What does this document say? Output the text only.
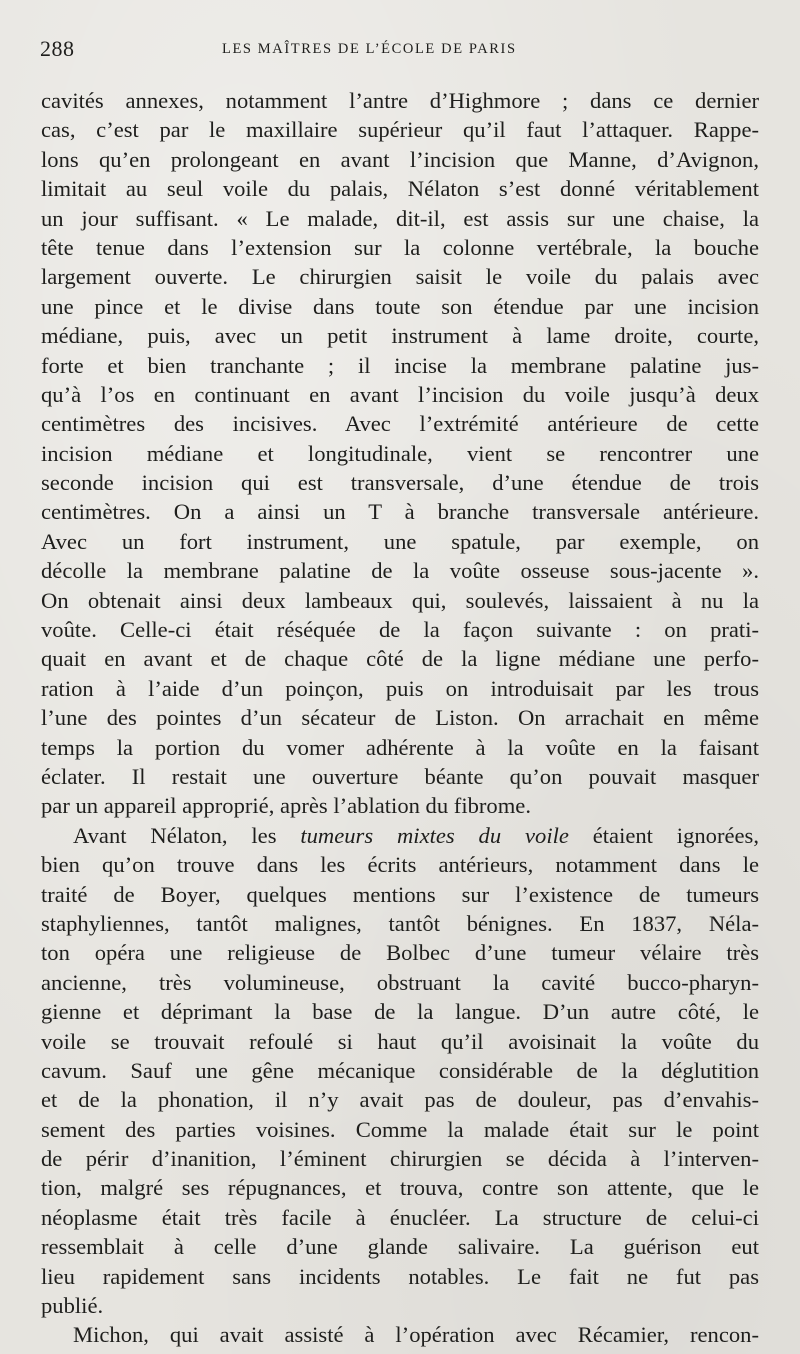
288	LES MAÎTRES DE L’ÉCOLE DE PARIS
cavités annexes, notamment l’antre d’Highmore ; dans ce dernier
cas, c’est par le maxillaire supérieur qu’il faut l’attaquer. Rappe-
lons qu’en prolongeant en avant l’incision que Manne, d’Avignon,
limitait au seul voile du palais, Nélaton s’est donné véritablement
un jour suffisant. « Le malade, dit-il, est assis sur une chaise, la
tête tenue dans l’extension sur la colonne vertébrale, la bouche
largement ouverte. Le chirurgien saisit le voile du palais avec
une pince et le divise dans toute son étendue par une incision
médiane, puis, avec un petit instrument à lame droite, courte,
forte et bien tranchante ; il incise la membrane palatine jus-
qu’à l’os en continuant en avant l’incision du voile jusqu’à deux
centimètres des incisives. Avec l’extrémité antérieure de cette
incision médiane et longitudinale, vient se rencontrer une
seconde incision qui est transversale, d’une étendue de trois
centimètres. On a ainsi un T à branche transversale antérieure.
Avec un fort instrument, une spatule, par exemple, on
décolle la membrane palatine de la voûte osseuse sous-jacente ».
On obtenait ainsi deux lambeaux qui, soulevés, laissaient à nu la
voûte. Celle-ci était réséquée de la façon suivante : on prati-
quait en avant et de chaque côté de la ligne médiane une perfo-
ration à l’aide d’un poinçon, puis on introduisait par les trous
l’une des pointes d’un sécateur de Liston. On arrachait en même
temps la portion du vomer adhérente à la voûte en la faisant
éclater. Il restait une ouverture béante qu’on pouvait masquer
par un appareil approprié, après l’ablation du fibrome.
Avant Nélaton, les tumeurs mixtes du voile étaient ignorées,
bien qu’on trouve dans les écrits antérieurs, notamment dans le
traité de Boyer, quelques mentions sur l’existence de tumeurs
staphyliennes, tantôt malignes, tantôt bénignes. En 1837, Néla-
ton opéra une religieuse de Bolbec d’une tumeur vélaire très
ancienne, très volumineuse, obstruant la cavité bucco-pharyn-
gienne et déprimant la base de la langue. D’un autre côté, le
voile se trouvait refoulé si haut qu’il avoisinait la voûte du
cavum. Sauf une gêne mécanique considérable de la déglutition
et de la phonation, il n’y avait pas de douleur, pas d’envahis-
sement des parties voisines. Comme la malade était sur le point
de périr d’inanition, l’éminent chirurgien se décida à l’interven-
tion, malgré ses répugnances, et trouva, contre son attente, que le
néoplasme était très facile à énucléer. La structure de celui-ci
ressemblait à celle d’une glande salivaire. La guérison eut
lieu rapidement sans incidents notables. Le fait ne fut pas
publié.
Michon, qui avait assisté à l’opération avec Récamier, rencon-
